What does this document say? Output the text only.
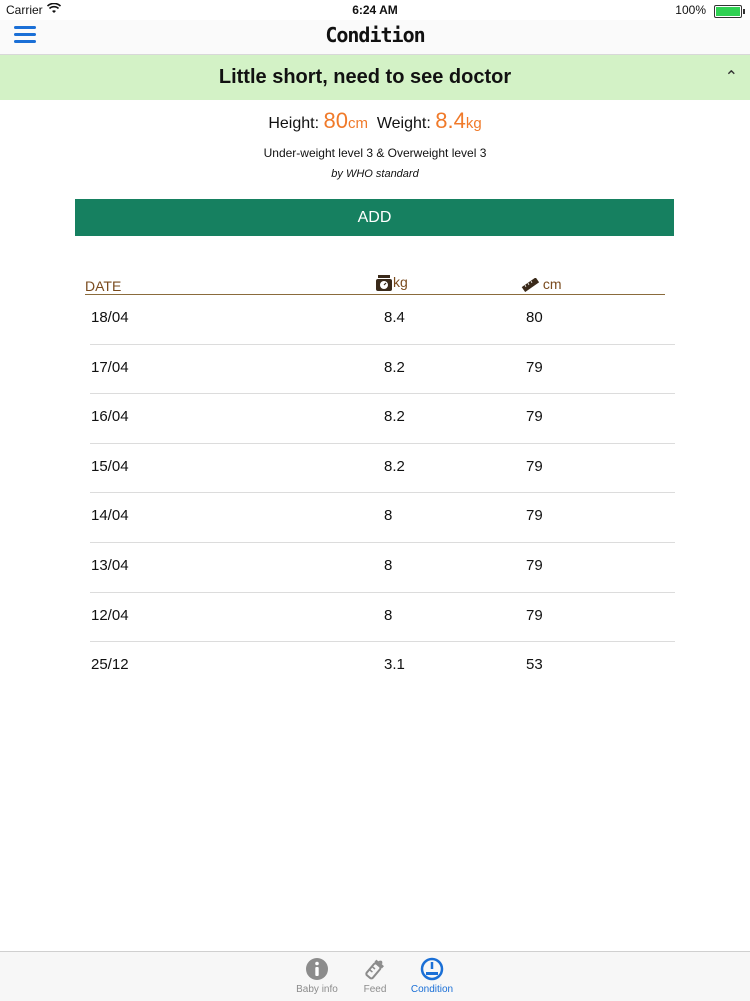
Carrier	6:24 AM	100%
Condition
Little short, need to see doctor	⌃
Height: 80cm Weight: 8.4kg
Under-weight level 3 & Overweight level 3
by WHO standard
ADD
DATE	kg	cm
18/04	8.4	80
17/04	8.2	79
16/04	8.2	79
15/04	8.2	79
14/04	8	79
13/04	8	79
12/04	8	79
25/12	3.1	53
Baby info	Feed	Condition
